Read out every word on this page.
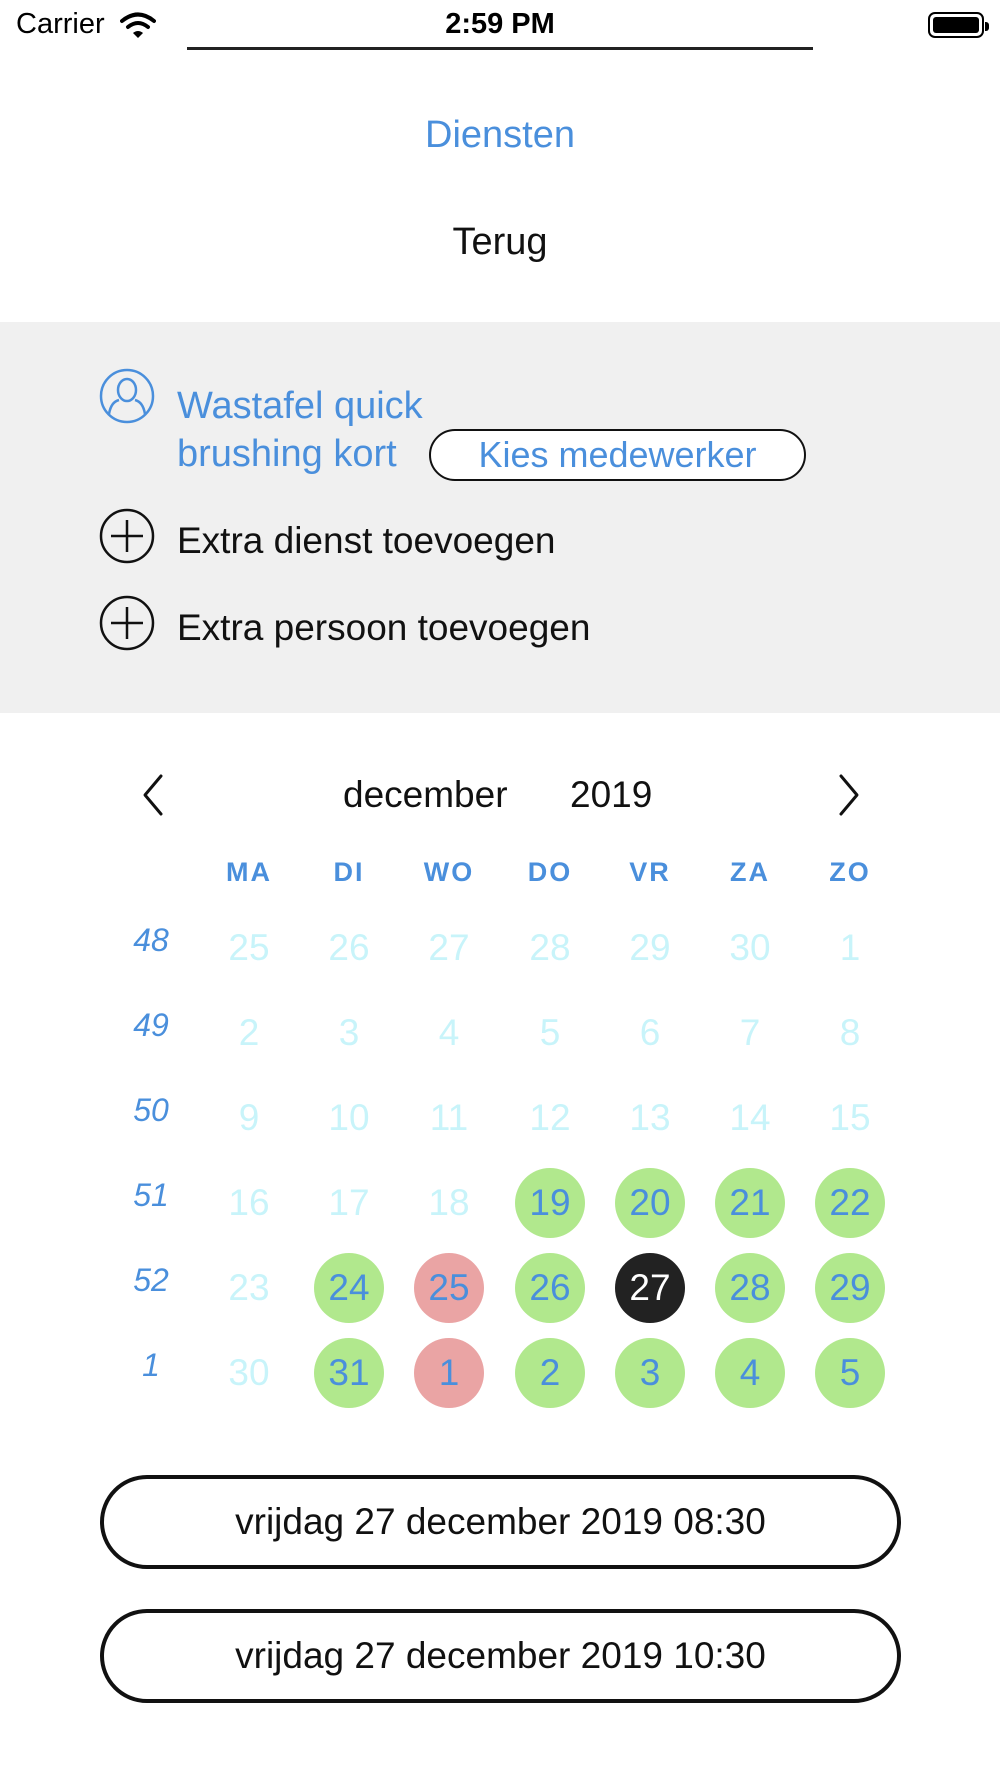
Carrier	2:59 PM
Diensten
Terug
Wastafel quick
brushing kort	Kies medewerker
Extra dienst toevoegen
Extra persoon toevoegen
december 2019
MA	DI	WO	DO	VR	ZA	ZO
48	25	26	27	28	29	30	1
49	2	3	4	5	6	7	8
50	9	10	11	12	13	14	15
51	16	17	18	19	20	21	22
52	23	24	25	26	27	28	29
1	30	31	1	2	3	4	5
vrijdag 27 december 2019 08:30
vrijdag 27 december 2019 10:30
